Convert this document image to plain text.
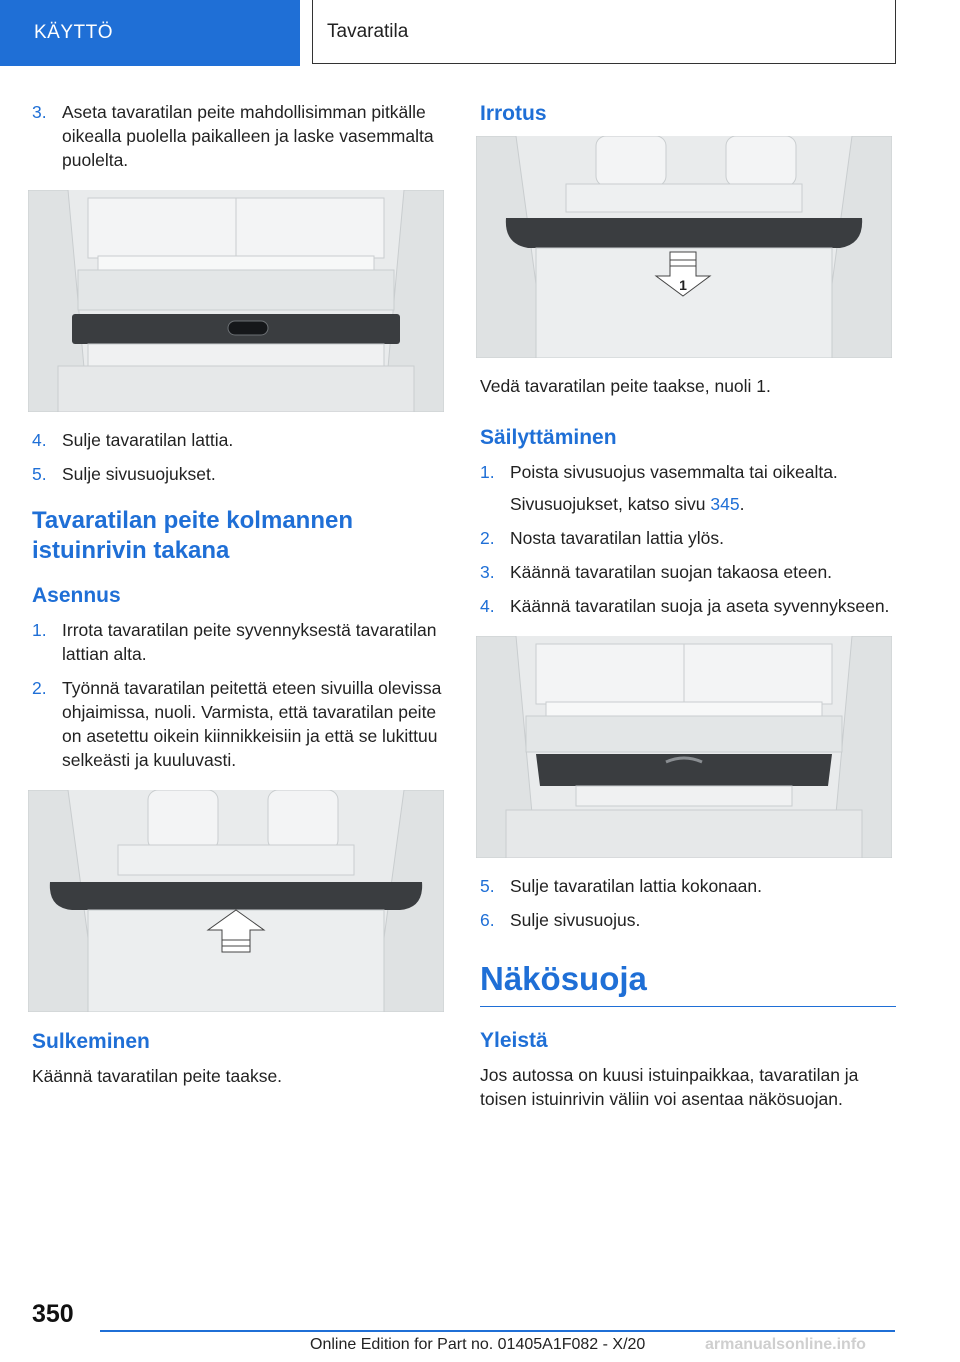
KÄYTTÖ	Tavaratila
3. Aseta tavaratilan peite mahdollisimman pitkälle oikealla puolella paikalleen ja laske vasemmalta puolelta.
4. Sulje tavaratilan lattia.
5. Sulje sivusuojukset.
Tavaratilan peite kolmannen istuinrivin takana
Asennus
1. Irrota tavaratilan peite syvennyksestä tavaratilan lattian alta.
2. Työnnä tavaratilan peitettä eteen sivuilla olevissa ohjaimissa, nuoli. Varmista, että tavaratilan peite on asetettu oikein kiinnikkeisiin ja että se lukittuu selkeästi ja kuuluvasti.
Sulkeminen

Käännä tavaratilan peite taakse.

Irrotus
1

Vedä tavaratilan peite taakse, nuoli 1.

Säilyttäminen
1. Poista sivusuojus vasemmalta tai oikealta.
Sivusuojukset, katso sivu 345.
2. Nosta tavaratilan lattia ylös.
3. Käännä tavaratilan suojan takaosa eteen.
4. Käännä tavaratilan suoja ja aseta syvennykseen.
5. Sulje tavaratilan lattia kokonaan.
6. Sulje sivusuojus.
Näkösuoja
Yleistä

Jos autossa on kuusi istuinpaikkaa, tavaratilan ja toisen istuinrivin väliin voi asentaa näkösuojan.

350
Online Edition for Part no. 01405A1F082 - X/20	armanualsonline.info
